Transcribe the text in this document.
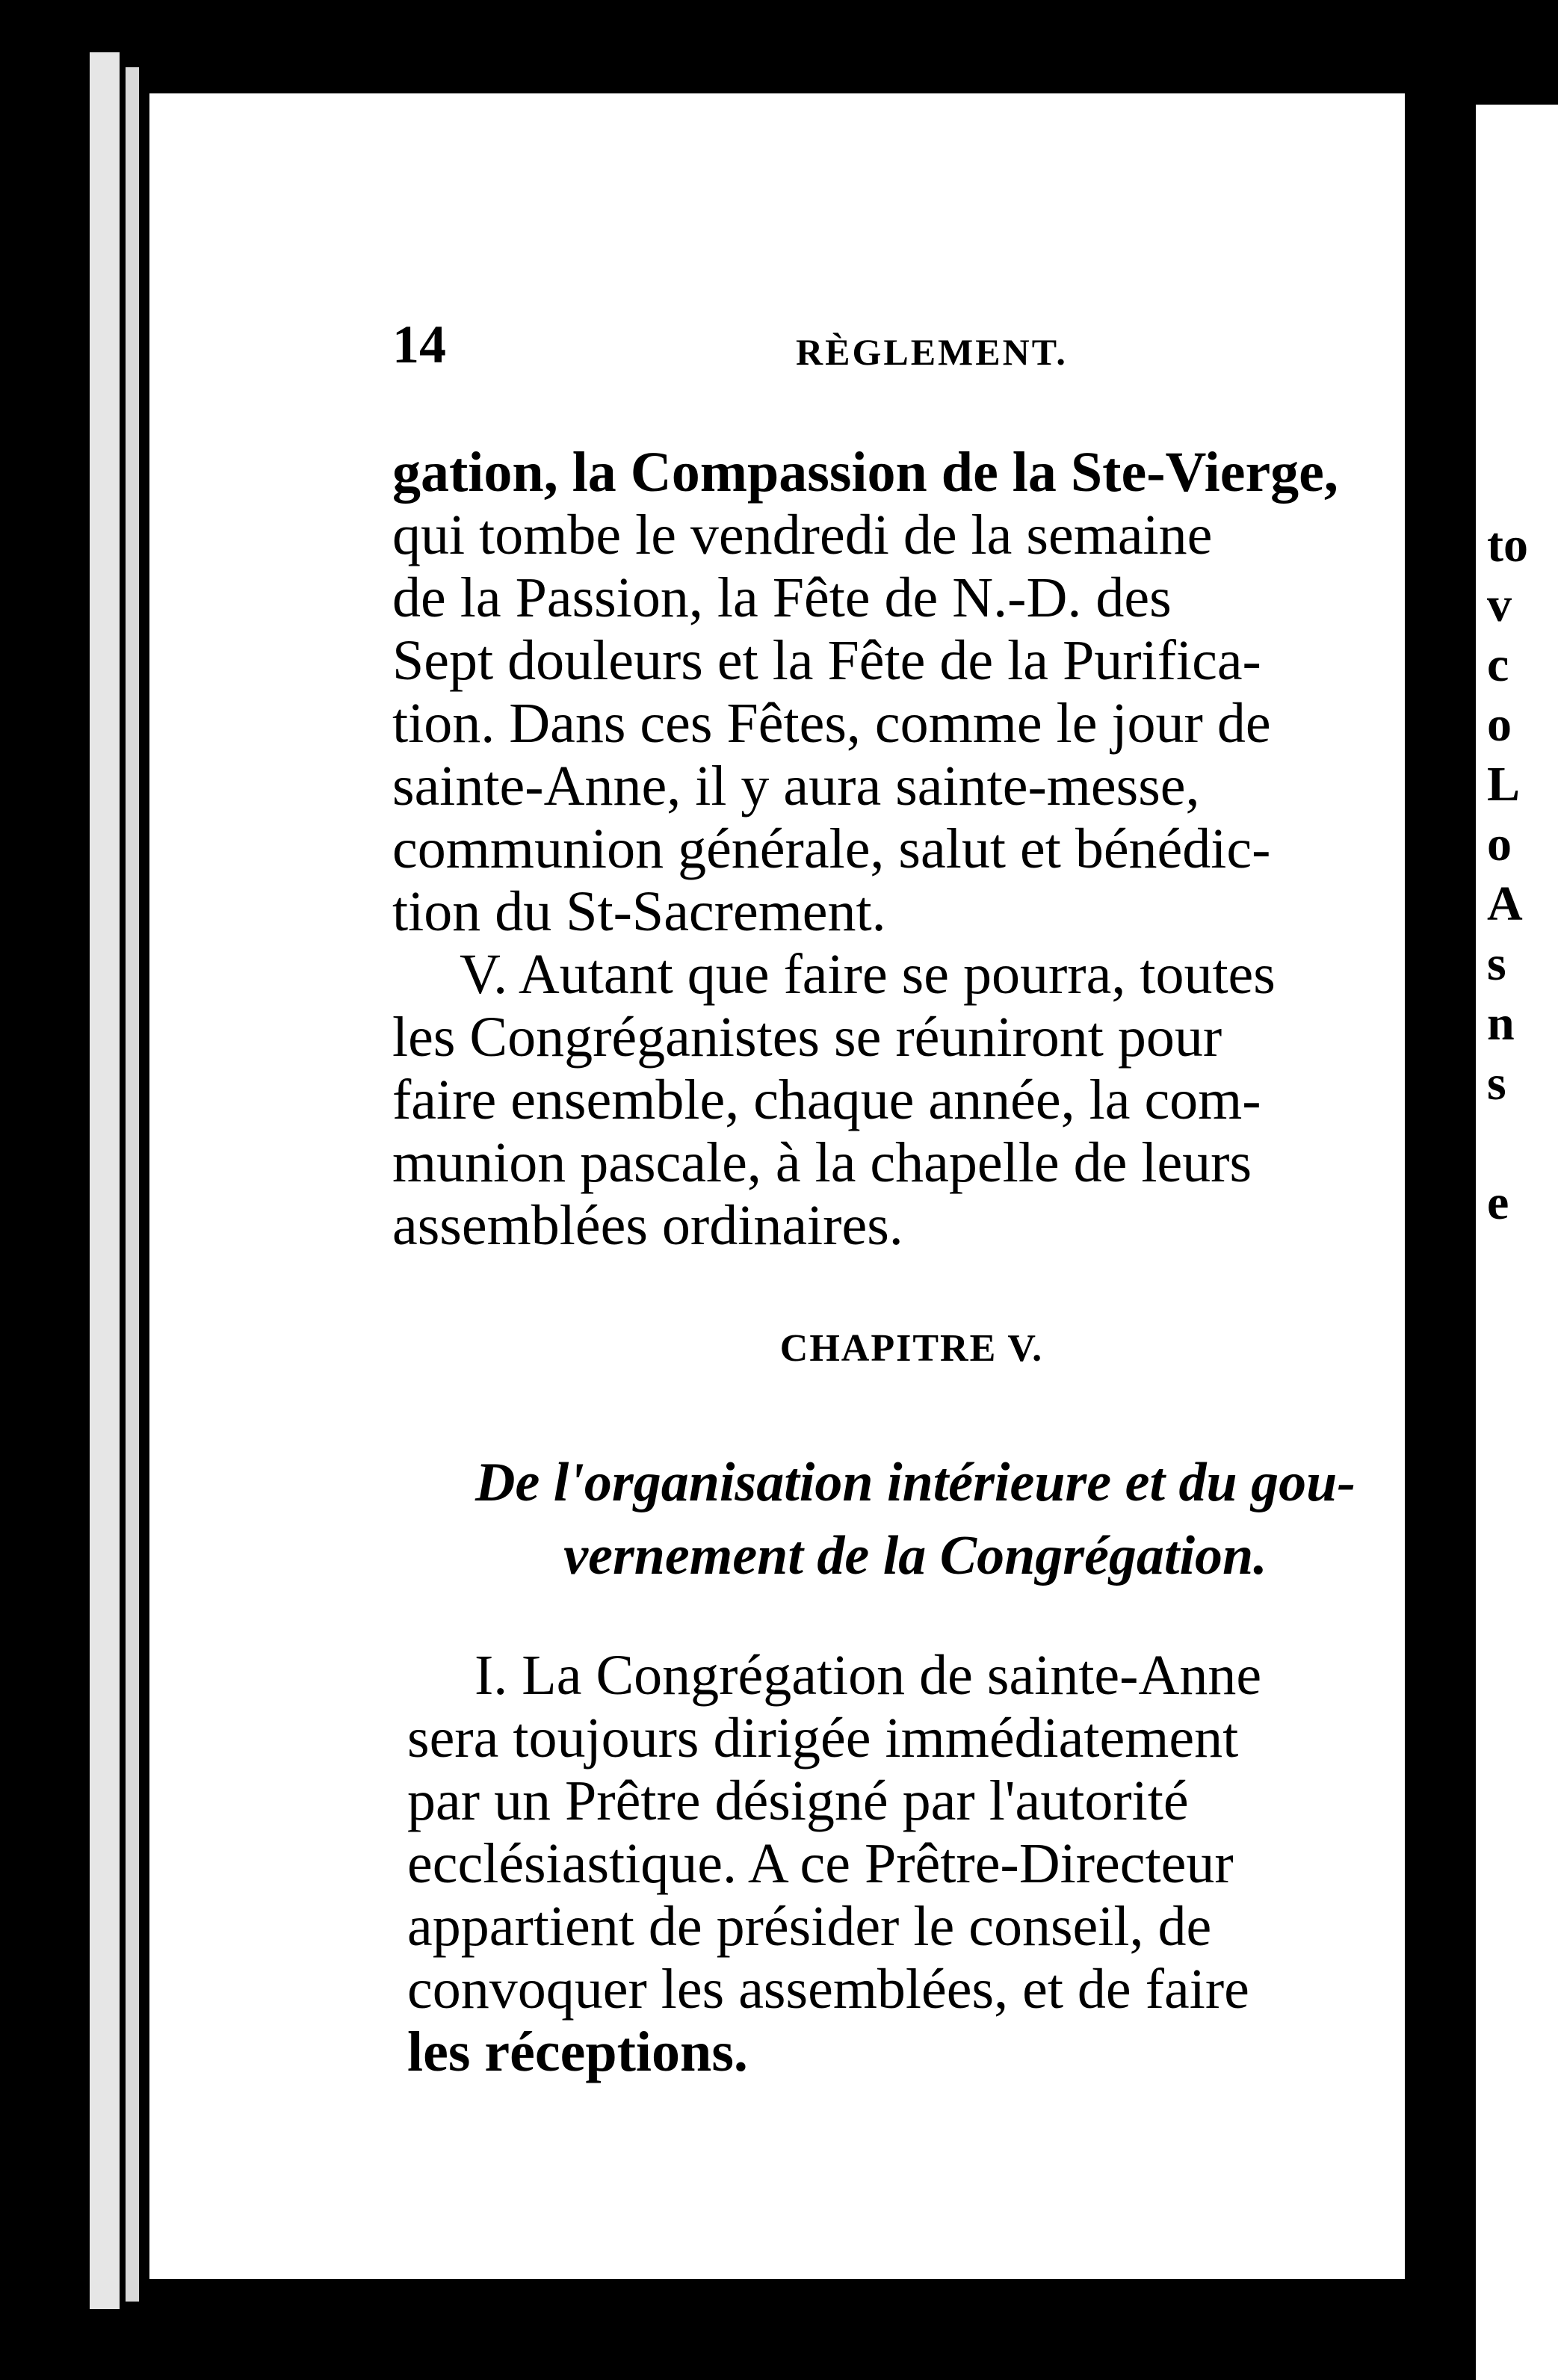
to
v
c
o
L
o
A
s
n
s
e
14	RÈGLEMENT.
gation, la Compassion de la Ste-Vierge,
qui tombe le vendredi de la semaine
de la Passion, la Fête de N.-D. des
Sept douleurs et la Fête de la Purifica-
tion. Dans ces Fêtes, comme le jour de
sainte-Anne, il y aura sainte-messe,
communion générale, salut et bénédic-
tion du St-Sacrement.
V. Autant que faire se pourra, toutes
les Congréganistes se réuniront pour
faire ensemble, chaque année, la com-
munion pascale, à la chapelle de leurs
assemblées ordinaires.
CHAPITRE V.
De l'organisation intérieure et du gou-
vernement de la Congrégation.
I. La Congrégation de sainte-Anne
sera toujours dirigée immédiatement
par un Prêtre désigné par l'autorité
ecclésiastique. A ce Prêtre-Directeur
appartient de présider le conseil, de
convoquer les assemblées, et de faire
les réceptions.
